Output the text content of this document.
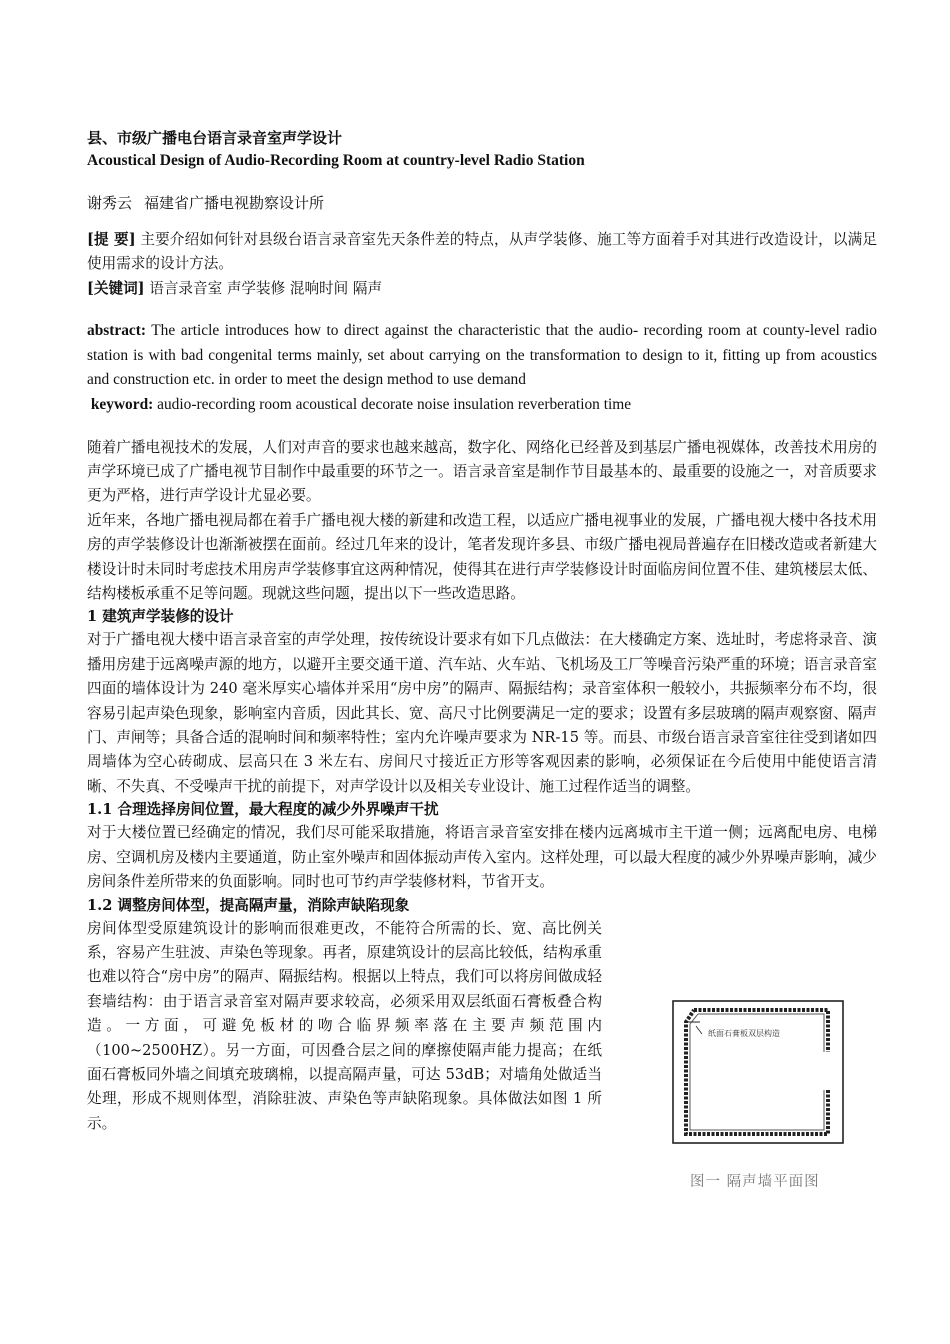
县、市级广播电台语言录音室声学设计

Acoustical Design of Audio-Recording Room at country-level Radio Station

谢秀云 福建省广播电视勘察设计所

[提 要] 主要介绍如何针对县级台语言录音室先天条件差的特点，从声学装修、施工等方面着手对其进行改造设计，以满足使用需求的设计方法。

[关键词] 语言录音室 声学装修 混响时间 隔声

abstract: The article introduces how to direct against the characteristic that the audio- recording room at county-level radio station is with bad congenital terms mainly, set about carrying on the transformation to design to it, fitting up from acoustics and construction etc. in order to meet the design method to use demand

keyword: audio-recording room acoustical decorate noise insulation reverberation time

随着广播电视技术的发展，人们对声音的要求也越来越高，数字化、网络化已经普及到基层广播电视媒体，改善技术用房的声学环境已成了广播电视节目制作中最重要的环节之一。语言录音室是制作节目最基本的、最重要的设施之一，对音质要求更为严格，进行声学设计尤显必要。

近年来，各地广播电视局都在着手广播电视大楼的新建和改造工程，以适应广播电视事业的发展，广播电视大楼中各技术用房的声学装修设计也渐渐被摆在面前。经过几年来的设计，笔者发现许多县、市级广播电视局普遍存在旧楼改造或者新建大楼设计时未同时考虑技术用房声学装修事宜这两种情况，使得其在进行声学装修设计时面临房间位置不佳、建筑楼层太低、结构楼板承重不足等问题。现就这些问题，提出以下一些改造思路。

1 建筑声学装修的设计

对于广播电视大楼中语言录音室的声学处理，按传统设计要求有如下几点做法：在大楼确定方案、选址时，考虑将录音、演播用房建于远离噪声源的地方，以避开主要交通干道、汽车站、火车站、飞机场及工厂等噪音污染严重的环境；语言录音室四面的墙体设计为 240 毫米厚实心墙体并采用“房中房”的隔声、隔振结构；录音室体积一般较小，共振频率分布不均，很容易引起声染色现象，影响室内音质，因此其长、宽、高尺寸比例要满足一定的要求；设置有多层玻璃的隔声观察窗、隔声门、声闸等；具备合适的混响时间和频率特性；室内允许噪声要求为 NR-15 等。而县、市级台语言录音室往往受到诸如四周墙体为空心砖砌成、层高只在 3 米左右、房间尺寸接近正方形等客观因素的影响，必须保证在今后使用中能使语言清晰、不失真、不受噪声干扰的前提下，对声学设计以及相关专业设计、施工过程作适当的调整。

1.1 合理选择房间位置，最大程度的减少外界噪声干扰

对于大楼位置已经确定的情况，我们尽可能采取措施，将语言录音室安排在楼内远离城市主干道一侧；远离配电房、电梯房、空调机房及楼内主要通道，防止室外噪声和固体振动声传入室内。这样处理，可以最大程度的减少外界噪声影响，减少房间条件差所带来的负面影响。同时也可节约声学装修材料，节省开支。

1.2 调整房间体型，提高隔声量，消除声缺陷现象

房间体型受原建筑设计的影响而很难更改，不能符合所需的长、宽、高比例关系，容易产生驻波、声染色等现象。再者，原建筑设计的层高比较低，结构承重也难以符合“房中房”的隔声、隔振结构。根据以上特点，我们可以将房间做成轻套墙结构：由于语言录音室对隔声要求较高，必须采用双层纸面石膏板叠合构造。一方面，可避免板材的吻合临界频率落在主要声频范围内（100~2500HZ）。另一方面，可因叠合层之间的摩擦使隔声能力提高；在纸面石膏板同外墙之间填充玻璃棉，以提高隔声量，可达 53dB；对墙角处做适当处理，形成不规则体型，消除驻波、声染色等声缺陷现象。具体做法如图 1 所示。

纸面石膏板双层构造
图一 隔声墙平面图
